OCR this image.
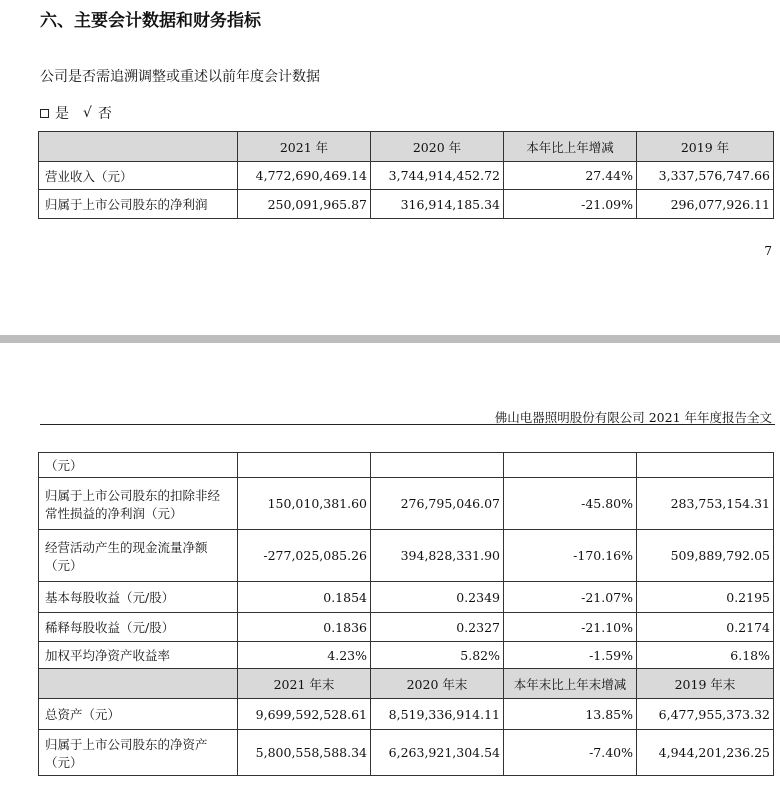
六、主要会计数据和财务指标
公司是否需追溯调整或重述以前年度会计数据
是 √ 否
	2021 年	2020 年	本年比上年增减	2019 年
营业收入（元）	4,772,690,469.14	3,744,914,452.72	27.44%	3,337,576,747.66
归属于上市公司股东的净利润	250,091,965.87	316,914,185.34	-21.09%	296,077,926.11
7
佛山电器照明股份有限公司 2021 年年度报告全文
（元）				

归属于上市公司股东的扣除非经
常性损益的净利润（元）	150,010,381.60	276,795,046.07	-45.80%	283,753,154.31

经营活动产生的现金流量净额
（元）	-277,025,085.26	394,828,331.90	-170.16%	509,889,792.05
基本每股收益（元/股）	0.1854	0.2349	-21.07%	0.2195
稀释每股收益（元/股）	0.1836	0.2327	-21.10%	0.2174
加权平均净资产收益率	4.23%	5.82%	-1.59%	6.18%
	2021 年末	2020 年末	本年末比上年末增减	2019 年末
总资产（元）	9,699,592,528.61	8,519,336,914.11	13.85%	6,477,955,373.32

归属于上市公司股东的净资产
（元）	5,800,558,588.34	6,263,921,304.54	-7.40%	4,944,201,236.25
